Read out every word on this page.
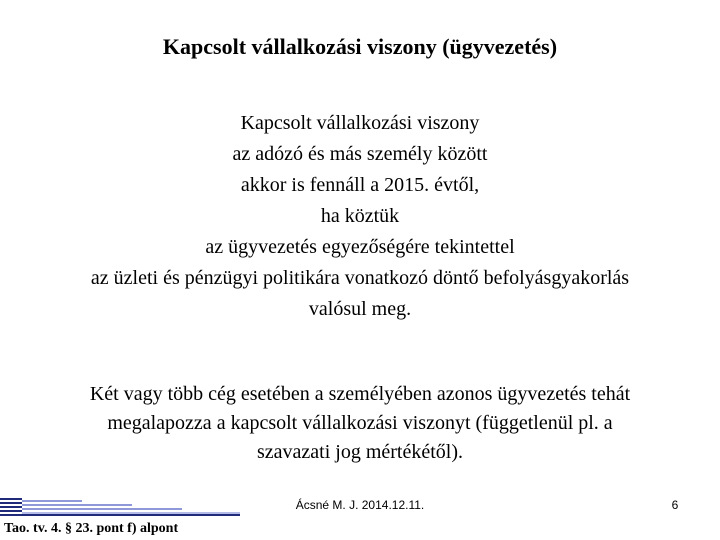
Kapcsolt vállalkozási viszony (ügyvezetés)
Kapcsolt vállalkozási viszony
az adózó és más személy között
akkor is fennáll a 2015. évtől,
ha köztük
az ügyvezetés egyezőségére tekintettel
az üzleti és pénzügyi politikára vonatkozó döntő befolyásgyakorlás
valósul meg.
Két vagy több cég esetében a személyében azonos ügyvezetés tehát
megalapozza a kapcsolt vállalkozási viszonyt (függetlenül pl. a
szavazati jog mértékétől).
Ácsné M. J. 2014.12.11.	6
Tao. tv. 4. § 23. pont f) alpont
